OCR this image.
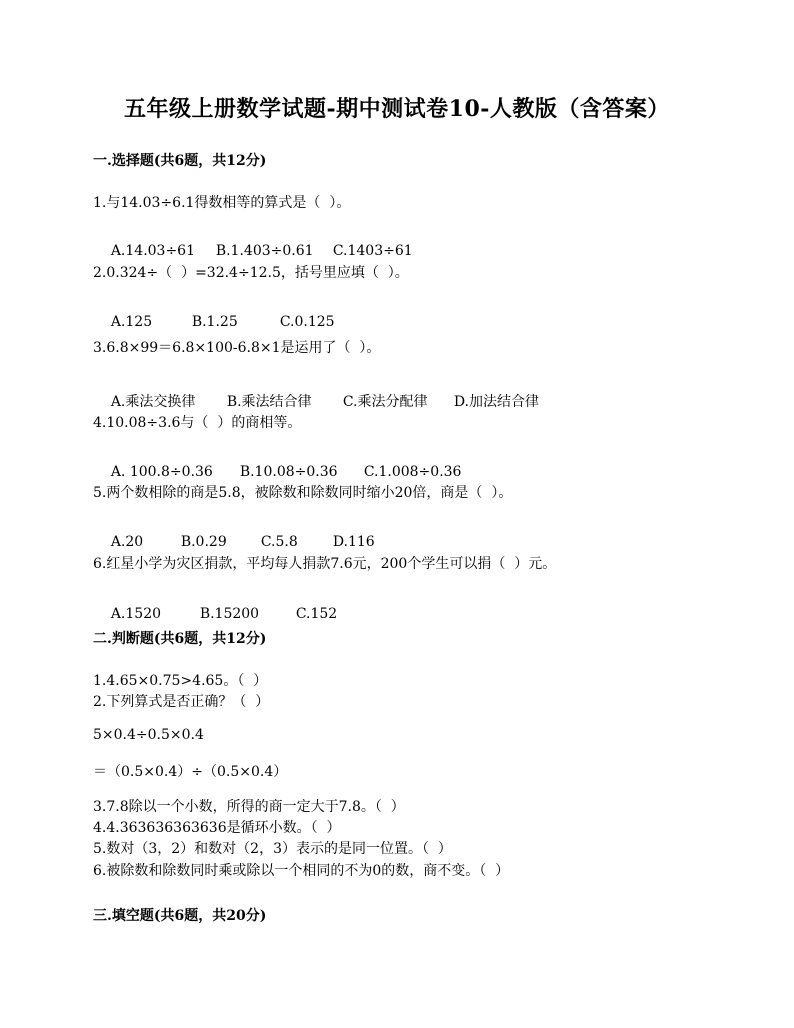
五年级上册数学试题-期中测试卷10-人教版（含答案）
一.选择题(共6题，共12分)
1.与14.03÷6.1得数相等的算式是（  ）。

A.14.03÷61 B.1.403÷0.61 C.1403÷61

2.0.324÷（  ）=32.4÷12.5，括号里应填（  ）。

A.125	B.1.25	C.0.125

3.6.8×99＝6.8×100-6.8×1是运用了（  ）。

A.乘法交换律 B.乘法结合律 C.乘法分配律 D.加法结合律

4.10.08÷3.6与（  ）的商相等。

A. 100.8÷0.36 B.10.08÷0.36 C.1.008÷0.36

5.两个数相除的商是5.8，被除数和除数同时缩小20倍，商是（  ）。

A.20	B.0.29 C.5.8	D.116

6.红星小学为灾区捐款，平均每人捐款7.6元，200个学生可以捐（  ）元。

A.1520	B.15200	C.152

二.判断题(共6题，共12分)
1.4.65×0.75>4.65。（  ）
2.下列算式是否正确？（  ）
5×0.4÷0.5×0.4
＝（0.5×0.4）÷（0.5×0.4）
3.7.8除以一个小数，所得的商一定大于7.8。（  ）
4.4.363636363636是循环小数。（  ）
5.数对（3，2）和数对（2，3）表示的是同一位置。（  ）
6.被除数和除数同时乘或除以一个相同的不为0的数，商不变。（  ）
三.填空题(共6题，共20分)
